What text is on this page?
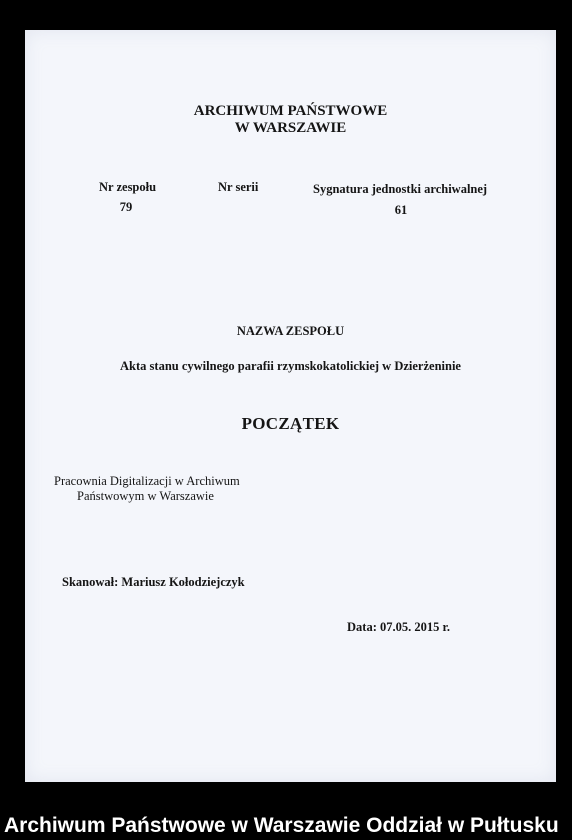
ARCHIWUM PAŃSTWOWE
W WARSZAWIE
Nr zespołu
79
Nr serii	Sygnatura jednostki archiwalnej
61
NAZWA ZESPOŁU
Akta stanu cywilnego parafii rzymskokatolickiej w Dzierżeninie
POCZĄTEK
Pracownia Digitalizacji w Archiwum
Państwowym w Warszawie
Skanował: Mariusz Kołodziejczyk
Data: 07.05. 2015 r.
Archiwum Państwowe w Warszawie Oddział w Pułtusku
